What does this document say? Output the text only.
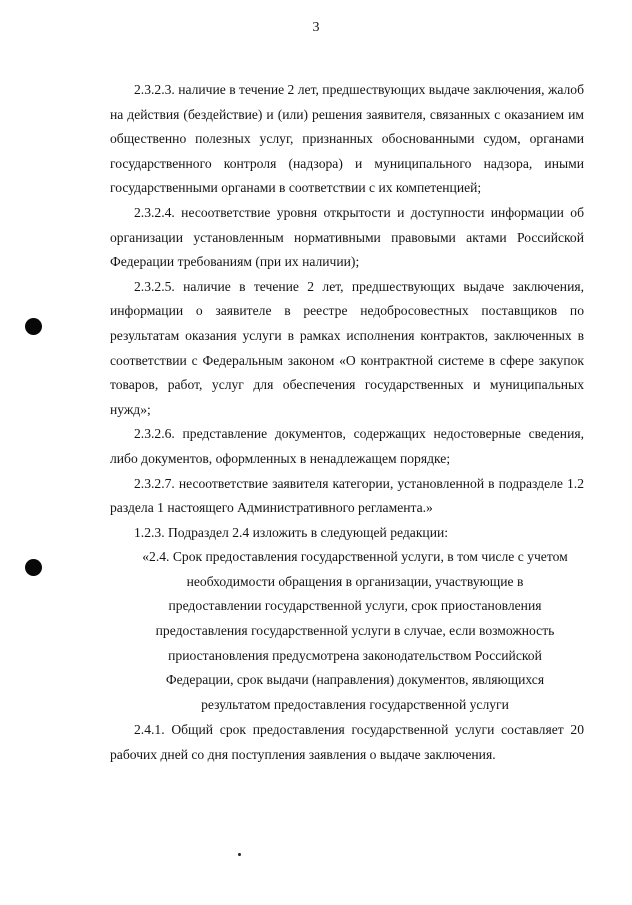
3

2.3.2.3. наличие в течение 2 лет, предшествующих выдаче заключения, жалоб на действия (бездействие) и (или) решения заявителя, связанных с оказанием им общественно полезных услуг, признанных обоснованными судом, органами государственного контроля (надзора) и муниципального надзора, иными государственными органами в соответствии с их компетенцией;

2.3.2.4. несоответствие уровня открытости и доступности информации об организации установленным нормативными правовыми актами Российской Федерации требованиям (при их наличии);

2.3.2.5. наличие в течение 2 лет, предшествующих выдаче заключения, информации о заявителе в реестре недобросовестных поставщиков по результатам оказания услуги в рамках исполнения контрактов, заключенных в соответствии с Федеральным законом «О контрактной системе в сфере закупок товаров, работ, услуг для обеспечения государственных и муниципальных нужд»;

2.3.2.6. представление документов, содержащих недостоверные сведения, либо документов, оформленных в ненадлежащем порядке;

2.3.2.7. несоответствие заявителя категории, установленной в подразделе 1.2 раздела 1 настоящего Административного регламента.»

1.2.3. Подраздел 2.4 изложить в следующей редакции:

«2.4. Срок предоставления государственной услуги, в том числе с учетом
необходимости обращения в организации, участвующие в
предоставлении государственной услуги, срок приостановления
предоставления государственной услуги в случае, если возможность
приостановления предусмотрена законодательством Российской
Федерации, срок выдачи (направления) документов, являющихся
результатом предоставления государственной услуги

2.4.1. Общий срок предоставления государственной услуги составляет 20 рабочих дней со дня поступления заявления о выдаче заключения.
